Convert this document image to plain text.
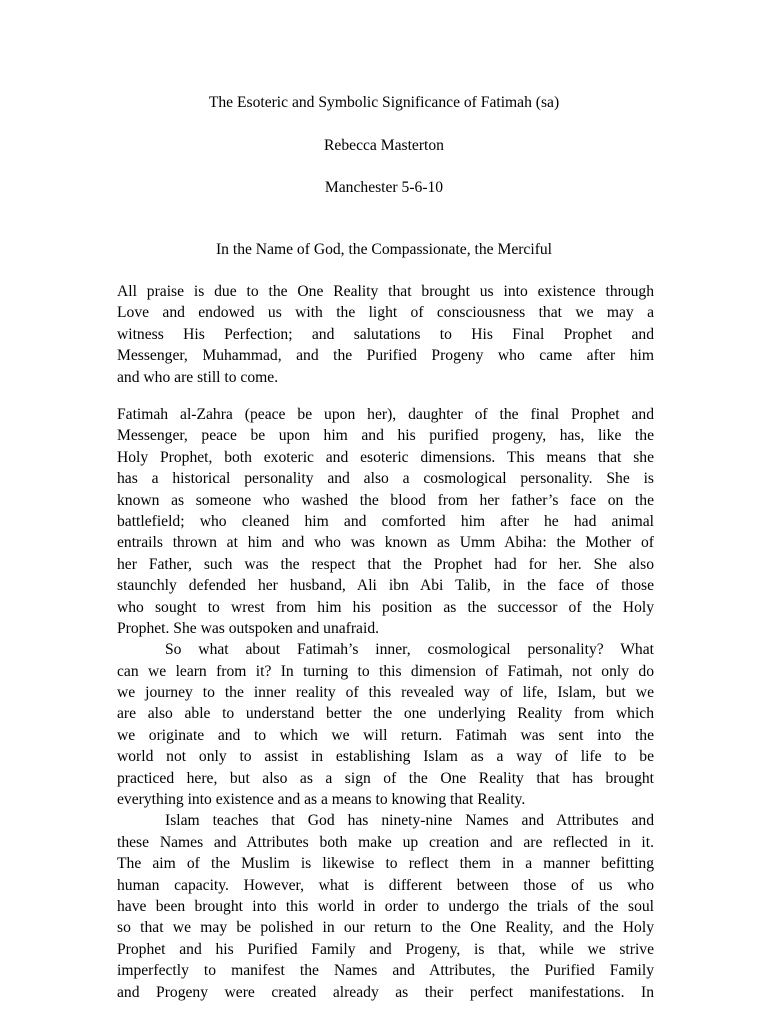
The Esoteric and Symbolic Significance of Fatimah (sa)
Rebecca Masterton
Manchester 5-6-10
In the Name of God, the Compassionate, the Merciful
All praise is due to the One Reality that brought us into existence through
Love and endowed us with the light of consciousness that we may a
witness His Perfection; and salutations to His Final Prophet and
Messenger, Muhammad, and the Purified Progeny who came after him
and who are still to come.
Fatimah al-Zahra (peace be upon her), daughter of the final Prophet and
Messenger, peace be upon him and his purified progeny, has, like the
Holy Prophet, both exoteric and esoteric dimensions. This means that she
has a historical personality and also a cosmological personality. She is
known as someone who washed the blood from her father’s face on the
battlefield; who cleaned him and comforted him after he had animal
entrails thrown at him and who was known as Umm Abiha: the Mother of
her Father, such was the respect that the Prophet had for her. She also
staunchly defended her husband, Ali ibn Abi Talib, in the face of those
who sought to wrest from him his position as the successor of the Holy
Prophet. She was outspoken and unafraid.
So what about Fatimah’s inner, cosmological personality? What
can we learn from it? In turning to this dimension of Fatimah, not only do
we journey to the inner reality of this revealed way of life, Islam, but we
are also able to understand better the one underlying Reality from which
we originate and to which we will return. Fatimah was sent into the
world not only to assist in establishing Islam as a way of life to be
practiced here, but also as a sign of the One Reality that has brought
everything into existence and as a means to knowing that Reality.
Islam teaches that God has ninety-nine Names and Attributes and
these Names and Attributes both make up creation and are reflected in it.
The aim of the Muslim is likewise to reflect them in a manner befitting
human capacity. However, what is different between those of us who
have been brought into this world in order to undergo the trials of the soul
so that we may be polished in our return to the One Reality, and the Holy
Prophet and his Purified Family and Progeny, is that, while we strive
imperfectly to manifest the Names and Attributes, the Purified Family
and Progeny were created already as their perfect manifestations. In
